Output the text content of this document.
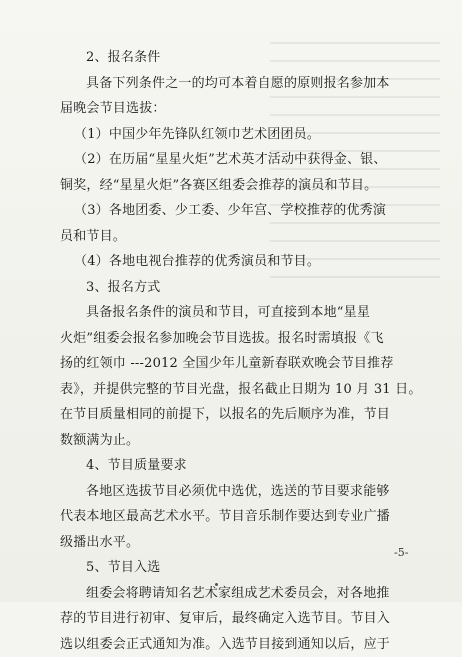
2、报名条件
具备下列条件之一的均可本着自愿的原则报名参加本
届晚会节目选拔：
（1）中国少年先锋队红领巾艺术团团员。
（2）在历届“星星火炬”艺术英才活动中获得金、银、
铜奖，经“星星火炬”各赛区组委会推荐的演员和节目。
（3）各地团委、少工委、少年宫、学校推荐的优秀演
员和节目。
（4）各地电视台推荐的优秀演员和节目。
3、报名方式
具备报名条件的演员和节目，可直接到本地“星星
火炬”组委会报名参加晚会节目选拔。报名时需填报《飞
扬的红领巾 ---2012 全国少年儿童新春联欢晚会节目推荐
表》，并提供完整的节目光盘，报名截止日期为 10 月 31 日。
在节目质量相同的前提下，以报名的先后顺序为准，节目
数额满为止。
4、节目质量要求
各地区选拔节目必须优中选优，选送的节目要求能够
代表本地区最高艺术水平。节目音乐制作要达到专业广播
级播出水平。
5、节目入选
组委会将聘请知名艺术家组成艺术委员会，对各地推
荐的节目进行初审、复审后，最终确定入选节目。节目入
选以组委会正式通知为准。入选节目接到通知以后，应于
-5-
